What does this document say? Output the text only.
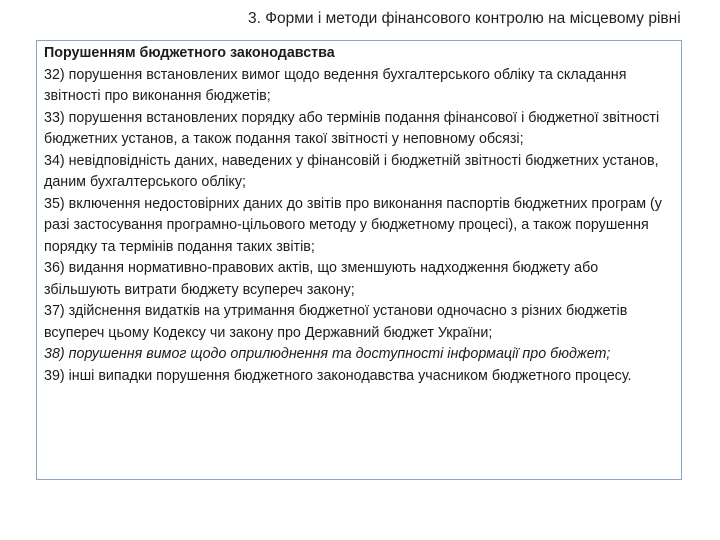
3. Форми і методи фінансового контролю на місцевому рівні
Порушенням бюджетного законодавства

32) порушення встановлених вимог щодо ведення бухгалтерського обліку та складання звітності про виконання бюджетів;

33) порушення встановлених порядку або термінів подання фінансової і бюджетної звітності бюджетних установ, а також подання такої звітності у неповному обсязі;

34) невідповідність даних, наведених у фінансовій і бюджетній звітності бюджетних установ, даним бухгалтерського обліку;

35) включення недостовірних даних до звітів про виконання паспортів бюджетних програм (у разі застосування програмно-цільового методу у бюджетному процесі), а також порушення порядку та термінів подання таких звітів;

36) видання нормативно-правових актів, що зменшують надходження бюджету або збільшують витрати бюджету всупереч закону;

37) здійснення видатків на утримання бюджетної установи одночасно з різних бюджетів всупереч цьому Кодексу чи закону про Державний бюджет України;

38) порушення вимог щодо оприлюднення та доступності інформації про бюджет;

39) інші випадки порушення бюджетного законодавства учасником бюджетного процесу.
